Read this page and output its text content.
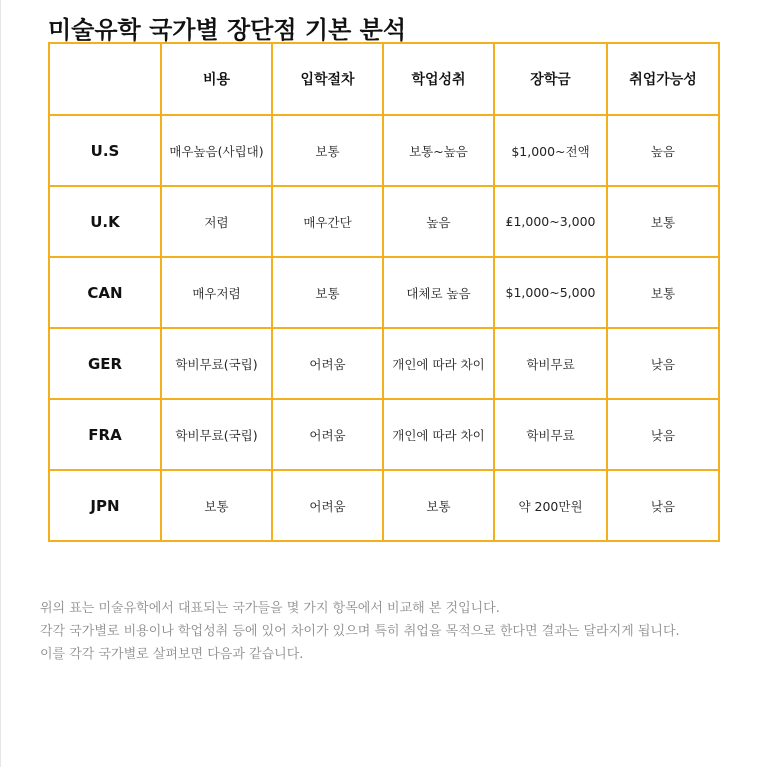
미술유학 국가별 장단점 기본 분석
	비용	입학절차	학업성취	장학금	취업가능성
U.S	매우높음(사립대)	보통	보통~높음	$1,000~전액	높음
U.K	저렴	매우간단	높음	₤1,000~3,000	보통
CAN	매우저렴	보통	대체로 높음	$1,000~5,000	보통
GER	학비무료(국립)	어려움	개인에 따라 차이	학비무료	낮음
FRA	학비무료(국립)	어려움	개인에 따라 차이	학비무료	낮음
JPN	보통	어려움	보통	약 200만원	낮음

위의 표는 미술유학에서 대표되는 국가들을 몇 가지 항목에서 비교해 본 것입니다.

각각 국가별로 비용이나 학업성취 등에 있어 차이가 있으며 특히 취업을 목적으로 한다면 결과는 달라지게 됩니다.

이를 각각 국가별로 살펴보면 다음과 같습니다.
